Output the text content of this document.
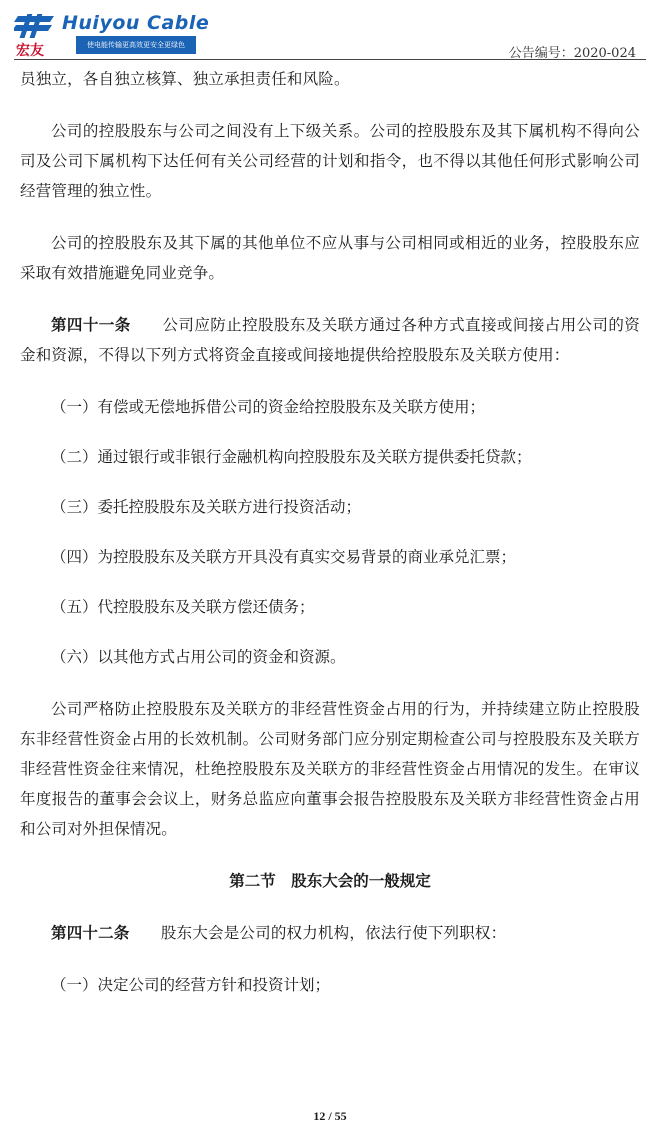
宏友
Huiyou Cable
使电能传输更高效更安全更绿色
公告编号：2020-024

员独立，各自独立核算、独立承担责任和风险。

公司的控股股东与公司之间没有上下级关系。公司的控股股东及其下属机构不得向公司及公司下属机构下达任何有关公司经营的计划和指令，也不得以其他任何形式影响公司经营管理的独立性。

公司的控股股东及其下属的其他单位不应从事与公司相同或相近的业务，控股股东应采取有效措施避免同业竞争。

第四十一条　　 公司应防止控股股东及关联方通过各种方式直接或间接占用公司的资金和资源，不得以下列方式将资金直接或间接地提供给控股股东及关联方使用：

（一）有偿或无偿地拆借公司的资金给控股股东及关联方使用；

（二）通过银行或非银行金融机构向控股股东及关联方提供委托贷款；

（三）委托控股股东及关联方进行投资活动；

（四）为控股股东及关联方开具没有真实交易背景的商业承兑汇票；

（五）代控股股东及关联方偿还债务；

（六）以其他方式占用公司的资金和资源。

公司严格防止控股股东及关联方的非经营性资金占用的行为，并持续建立防止控股股东非经营性资金占用的长效机制。公司财务部门应分别定期检查公司与控股股东及关联方非经营性资金往来情况，杜绝控股股东及关联方的非经营性资金占用情况的发生。在审议年度报告的董事会会议上，财务总监应向董事会报告控股股东及关联方非经营性资金占用和公司对外担保情况。

第二节　股东大会的一般规定

第四十二条　　 股东大会是公司的权力机构，依法行使下列职权：

（一）决定公司的经营方针和投资计划；

12 / 55
